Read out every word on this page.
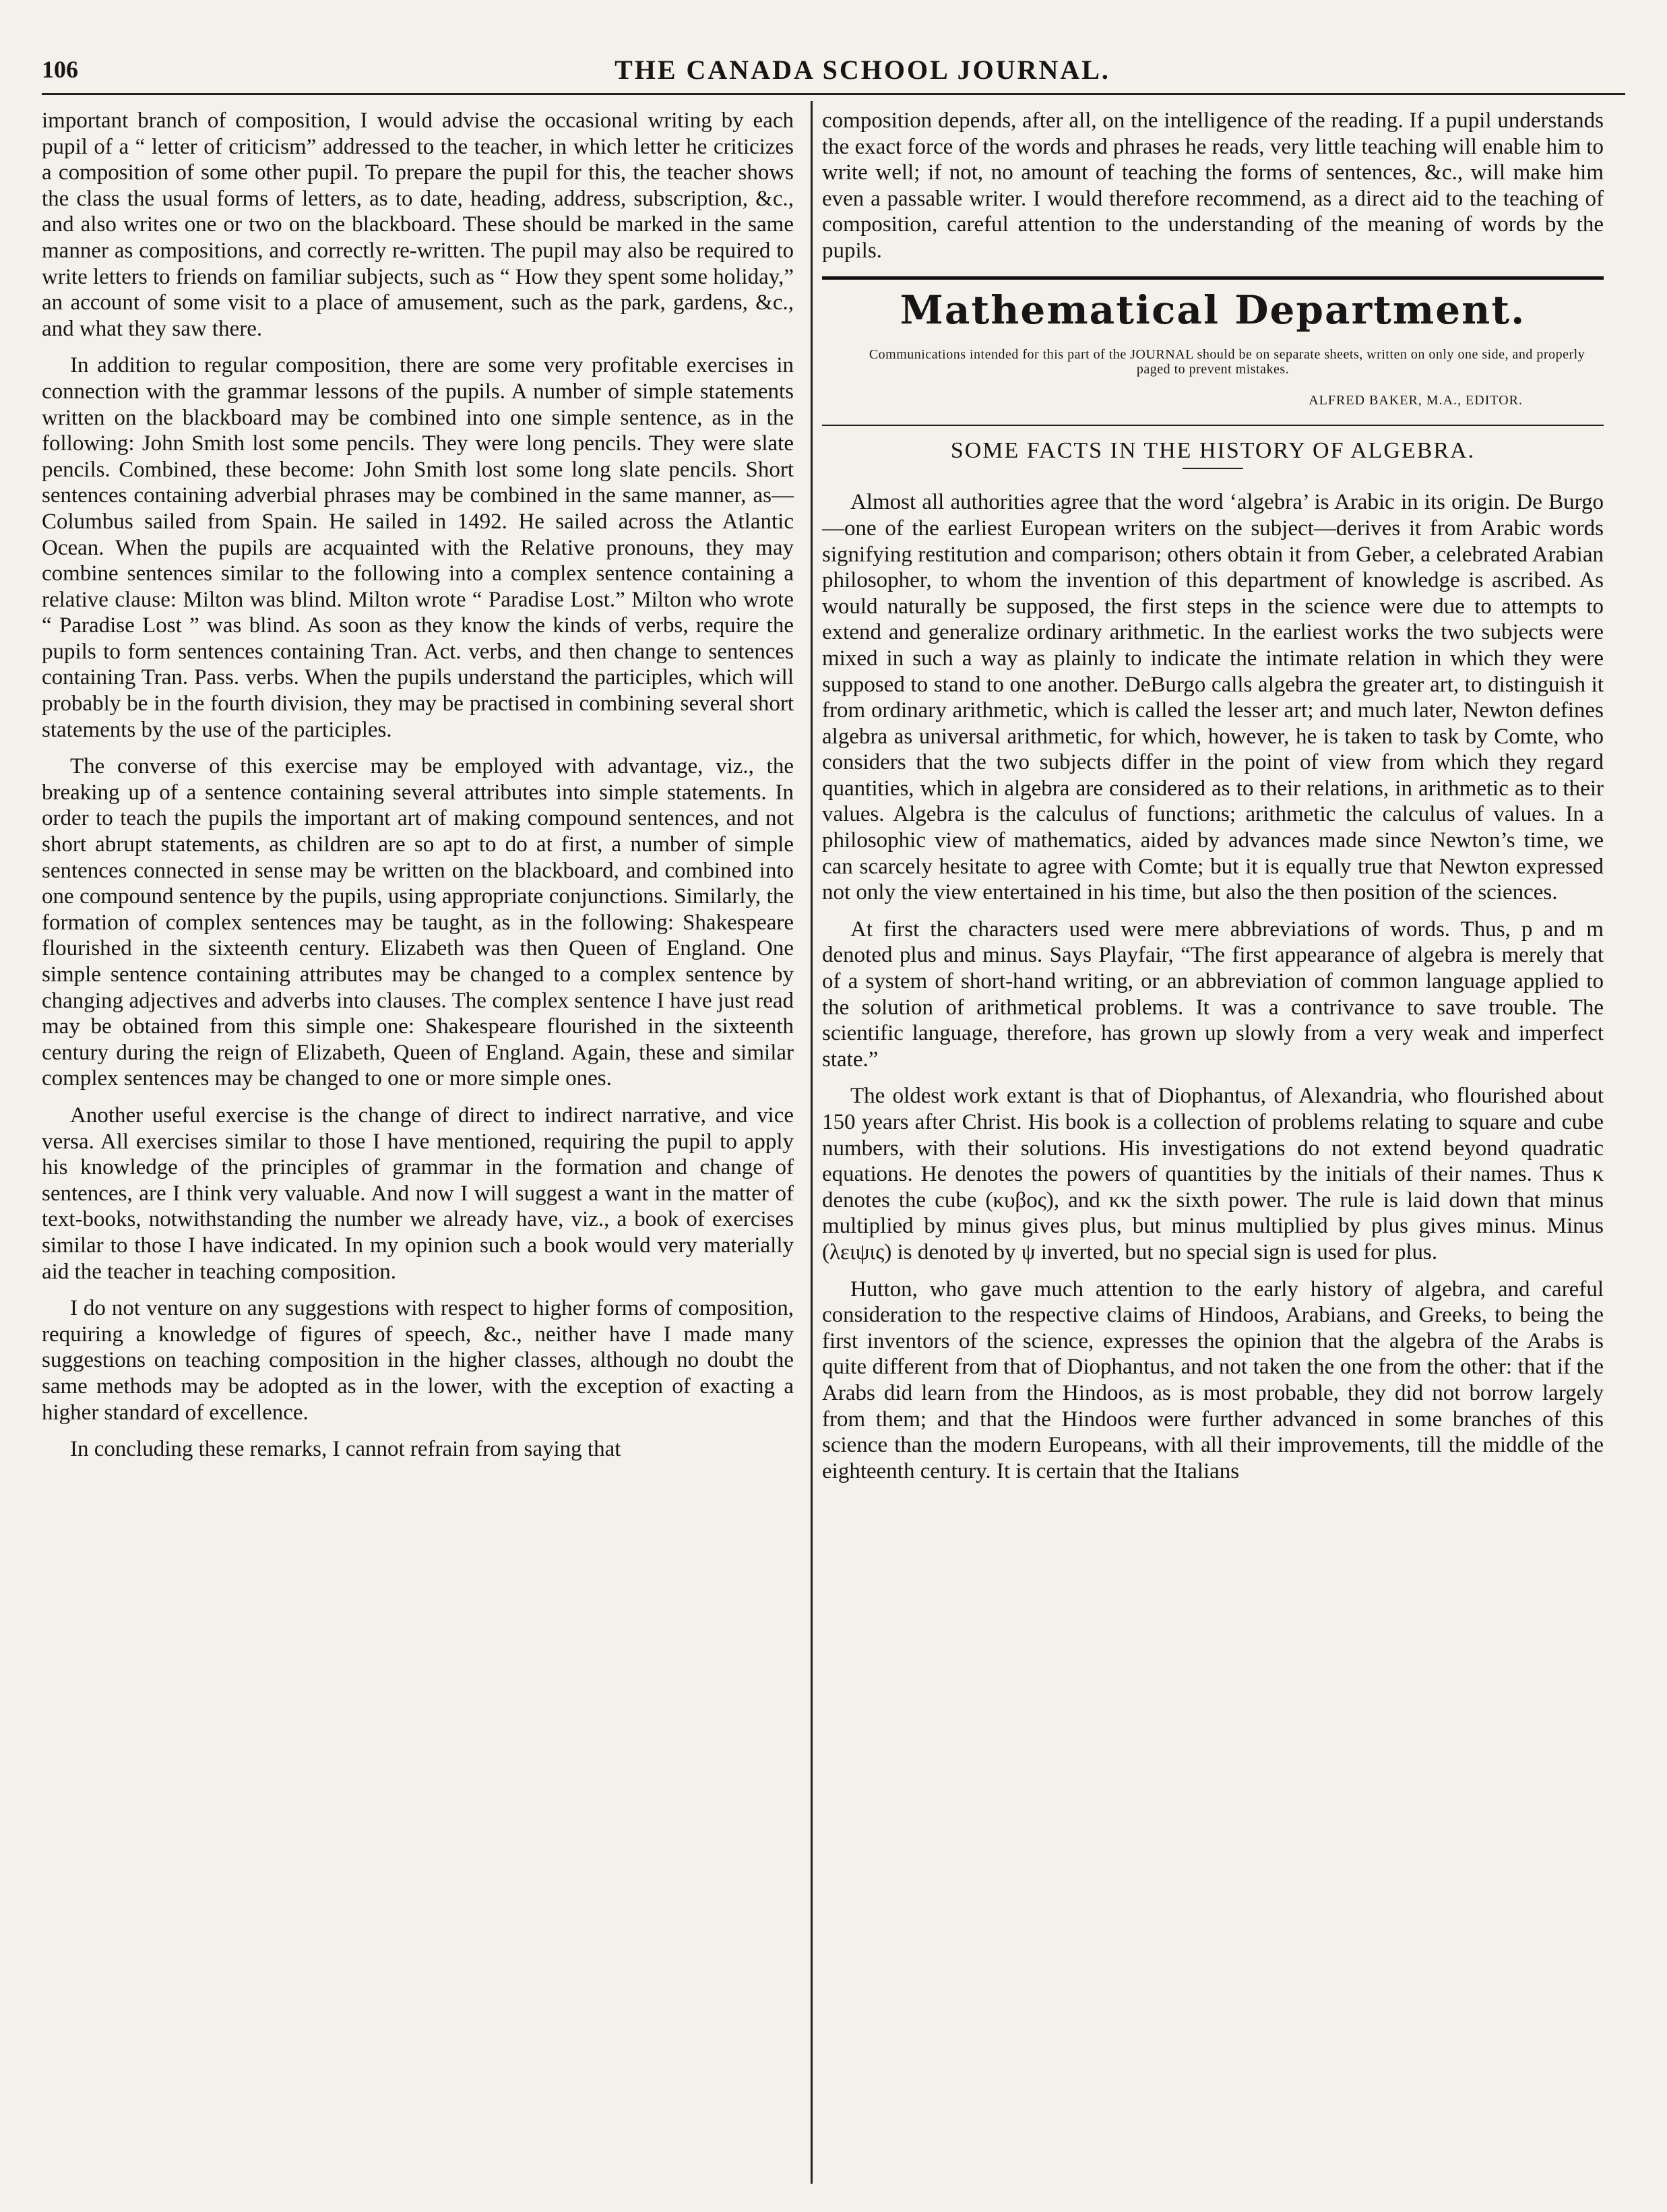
106	THE CANADA SCHOOL JOURNAL.

important branch of composition, I would advise the occasional writing by each pupil of a “ letter of criticism” addressed to the teacher, in which letter he criticizes a composition of some other pupil. To prepare the pupil for this, the teacher shows the class the usual forms of letters, as to date, heading, address, subscription, &c., and also writes one or two on the blackboard. These should be marked in the same manner as compositions, and correctly re-written. The pupil may also be required to write letters to friends on familiar subjects, such as “ How they spent some holiday,” an account of some visit to a place of amusement, such as the park, gardens, &c., and what they saw there.

In addition to regular composition, there are some very profitable exercises in connection with the grammar lessons of the pupils. A number of simple statements written on the blackboard may be combined into one simple sentence, as in the following: John Smith lost some pencils. They were long pencils. They were slate pencils. Combined, these become: John Smith lost some long slate pencils. Short sentences containing adverbial phrases may be combined in the same manner, as—Columbus sailed from Spain. He sailed in 1492. He sailed across the Atlantic Ocean. When the pupils are acquainted with the Relative pronouns, they may combine sentences similar to the following into a complex sentence containing a relative clause: Milton was blind. Milton wrote “ Paradise Lost.” Milton who wrote “ Paradise Lost ” was blind. As soon as they know the kinds of verbs, require the pupils to form sentences containing Tran. Act. verbs, and then change to sentences containing Tran. Pass. verbs. When the pupils understand the participles, which will probably be in the fourth division, they may be practised in combining several short statements by the use of the participles.

The converse of this exercise may be employed with advantage, viz., the breaking up of a sentence containing several attributes into simple statements. In order to teach the pupils the important art of making compound sentences, and not short abrupt statements, as children are so apt to do at first, a number of simple sentences connected in sense may be written on the blackboard, and combined into one compound sentence by the pupils, using appropriate conjunctions. Similarly, the formation of complex sentences may be taught, as in the following: Shakespeare flourished in the sixteenth century. Elizabeth was then Queen of England. One simple sentence containing attributes may be changed to a complex sentence by changing adjectives and adverbs into clauses. The complex sentence I have just read may be obtained from this simple one: Shakespeare flourished in the sixteenth century during the reign of Elizabeth, Queen of England. Again, these and similar complex sentences may be changed to one or more simple ones.

Another useful exercise is the change of direct to indirect narrative, and vice versa. All exercises similar to those I have mentioned, requiring the pupil to apply his knowledge of the principles of grammar in the formation and change of sentences, are I think very valuable. And now I will suggest a want in the matter of text-books, notwithstanding the number we already have, viz., a book of exercises similar to those I have indicated. In my opinion such a book would very materially aid the teacher in teaching composition.

I do not venture on any suggestions with respect to higher forms of composition, requiring a knowledge of figures of speech, &c., neither have I made many suggestions on teaching composition in the higher classes, although no doubt the same methods may be adopted as in the lower, with the exception of exacting a higher standard of excellence.

In concluding these remarks, I cannot refrain from saying that

composition depends, after all, on the intelligence of the reading. If a pupil understands the exact force of the words and phrases he reads, very little teaching will enable him to write well; if not, no amount of teaching the forms of sentences, &c., will make him even a passable writer. I would therefore recommend, as a direct aid to the teaching of composition, careful attention to the understanding of the meaning of words by the pupils.

Mathematical Department.

Communications intended for this part of the JOURNAL should be on separate sheets, written on only one side, and properly paged to prevent mistakes.

ALFRED BAKER, M.A., EDITOR.

SOME FACTS IN THE HISTORY OF ALGEBRA.

Almost all authorities agree that the word ‘algebra’ is Arabic in its origin. De Burgo—one of the earliest European writers on the subject—derives it from Arabic words signifying restitution and comparison; others obtain it from Geber, a celebrated Arabian philosopher, to whom the invention of this department of knowledge is ascribed. As would naturally be supposed, the first steps in the science were due to attempts to extend and generalize ordinary arithmetic. In the earliest works the two subjects were mixed in such a way as plainly to indicate the intimate relation in which they were supposed to stand to one another. DeBurgo calls algebra the greater art, to distinguish it from ordinary arithmetic, which is called the lesser art; and much later, Newton defines algebra as universal arithmetic, for which, however, he is taken to task by Comte, who considers that the two subjects differ in the point of view from which they regard quantities, which in algebra are considered as to their relations, in arithmetic as to their values. Algebra is the calculus of functions; arithmetic the calculus of values. In a philosophic view of mathematics, aided by advances made since Newton’s time, we can scarcely hesitate to agree with Comte; but it is equally true that Newton expressed not only the view entertained in his time, but also the then position of the sciences.

At first the characters used were mere abbreviations of words. Thus, p and m denoted plus and minus. Says Playfair, “The first appearance of algebra is merely that of a system of short-hand writing, or an abbreviation of common language applied to the solution of arithmetical problems. It was a contrivance to save trouble. The scientific language, therefore, has grown up slowly from a very weak and imperfect state.”

The oldest work extant is that of Diophantus, of Alexandria, who flourished about 150 years after Christ. His book is a collection of problems relating to square and cube numbers, with their solutions. His investigations do not extend beyond quadratic equations. He denotes the powers of quantities by the initials of their names. Thus κ denotes the cube (κυβος), and κκ the sixth power. The rule is laid down that minus multiplied by minus gives plus, but minus multiplied by plus gives minus. Minus (λειψις) is denoted by ψ inverted, but no special sign is used for plus.

Hutton, who gave much attention to the early history of algebra, and careful consideration to the respective claims of Hindoos, Arabians, and Greeks, to being the first inventors of the science, expresses the opinion that the algebra of the Arabs is quite different from that of Diophantus, and not taken the one from the other: that if the Arabs did learn from the Hindoos, as is most probable, they did not borrow largely from them; and that the Hindoos were further advanced in some branches of this science than the modern Europeans, with all their improvements, till the middle of the eighteenth century. It is certain that the Italians
